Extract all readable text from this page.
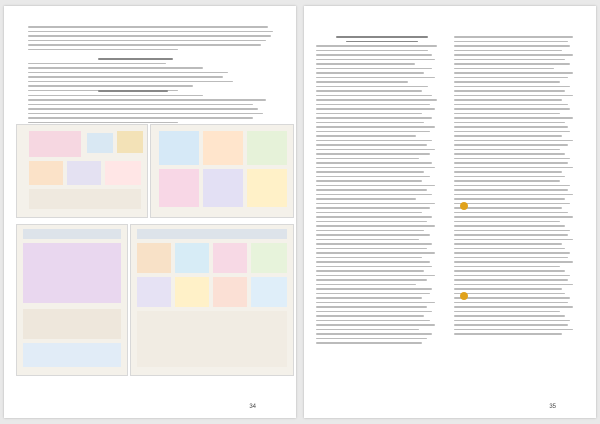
34	35
